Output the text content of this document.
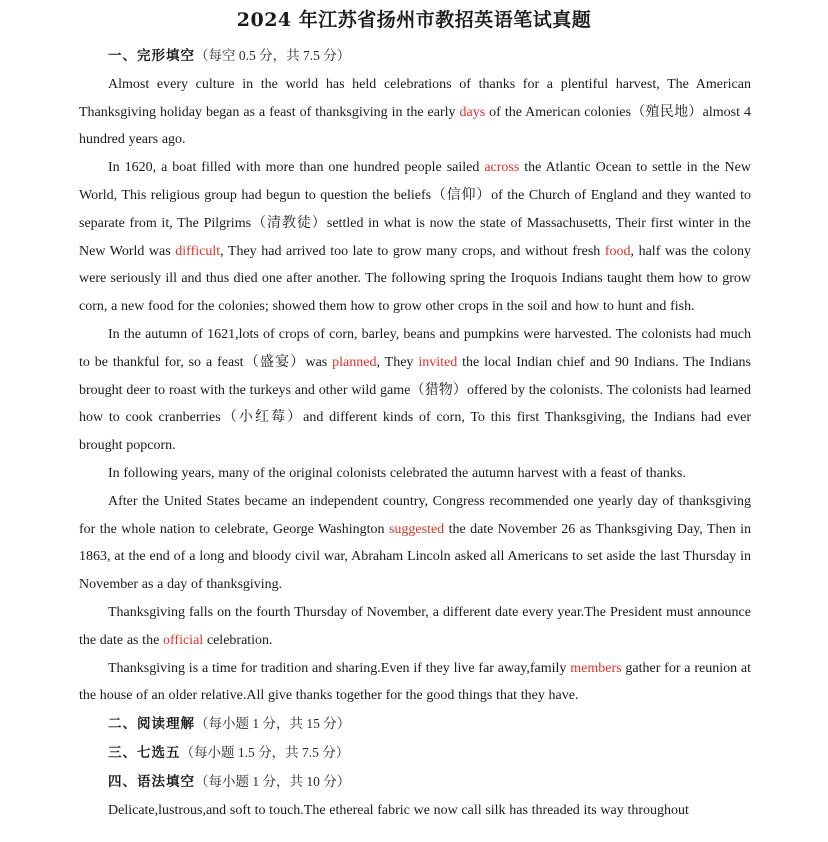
2024 年江苏省扬州市教招英语笔试真题
一、完形填空（每空 0.5 分，共 7.5 分）

Almost every culture in the world has held celebrations of thanks for a plentiful harvest, The American Thanksgiving holiday began as a feast of thanksgiving in the early days of the American colonies（殖民地）almost 4 hundred years ago.

In 1620, a boat filled with more than one hundred people sailed across the Atlantic Ocean to settle in the New World, This religious group had begun to question the beliefs（信仰）of the Church of England and they wanted to separate from it, The Pilgrims（清教徒）settled in what is now the state of Massachusetts, Their first winter in the New World was difficult, They had arrived too late to grow many crops, and without fresh food, half was the colony were seriously ill and thus died one after another. The following spring the Iroquois Indians taught them how to grow corn, a new food for the colonies; showed them how to grow other crops in the soil and how to hunt and fish.

In the autumn of 1621,lots of crops of corn, barley, beans and pumpkins were harvested. The colonists had much to be thankful for, so a feast（盛宴）was planned, They invited the local Indian chief and 90 Indians. The Indians brought deer to roast with the turkeys and other wild game（猎物）offered by the colonists. The colonists had learned how to cook cranberries（小红莓）and different kinds of corn, To this first Thanksgiving, the Indians had ever brought popcorn.

In following years, many of the original colonists celebrated the autumn harvest with a feast of thanks.

After the United States became an independent country, Congress recommended one yearly day of thanksgiving for the whole nation to celebrate, George Washington suggested the date November 26 as Thanksgiving Day, Then in 1863, at the end of a long and bloody civil war, Abraham Lincoln asked all Americans to set aside the last Thursday in November as a day of thanksgiving.

Thanksgiving falls on the fourth Thursday of November, a different date every year.The President must announce the date as the official celebration.

Thanksgiving is a time for tradition and sharing.Even if they live far away,family members gather for a reunion at the house of an older relative.All give thanks together for the good things that they have.

二、阅读理解（每小题 1 分，共 15 分）
三、七选五（每小题 1.5 分，共 7.5 分）
四、语法填空（每小题 1 分，共 10 分）

Delicate,lustrous,and soft to touch.The ethereal fabric we now call silk has threaded its way throughout
